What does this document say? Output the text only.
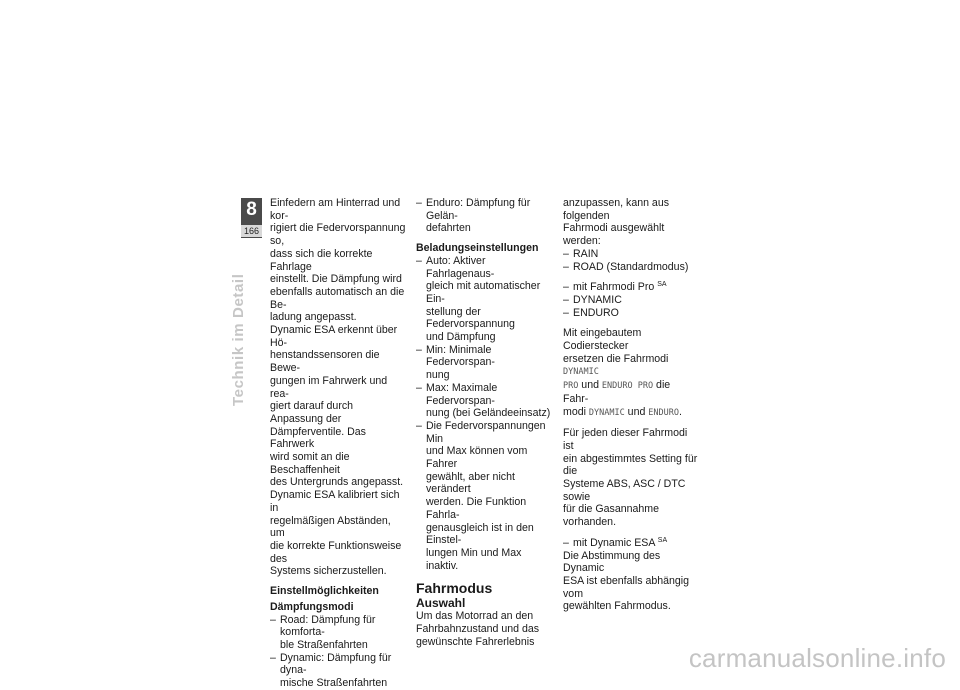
8
166
Technik im Detail

Einfedern am Hinterrad und kor-
rigiert die Federvorspannung so,
dass sich die korrekte Fahrlage
einstellt. Die Dämpfung wird
ebenfalls automatisch an die Be-
ladung angepasst.

Dynamic ESA erkennt über Hö-
henstandssensoren die Bewe-
gungen im Fahrwerk und rea-
giert darauf durch Anpassung der
Dämpferventile. Das Fahrwerk
wird somit an die Beschaffenheit
des Untergrunds angepasst.

Dynamic ESA kalibriert sich in
regelmäßigen Abständen, um
die korrekte Funktionsweise des
Systems sicherzustellen.

Einstellmöglichkeiten

Dämpfungsmodi

– Road: Dämpfung für komforta-
ble Straßenfahrten

– Dynamic: Dämpfung für dyna-
mische Straßenfahrten

– Enduro: Dämpfung für Gelän-
defahrten

Beladungseinstellungen

– Auto: Aktiver Fahrlagenaus-
gleich mit automatischer Ein-
stellung der Federvorspannung
und Dämpfung

– Min: Minimale Federvorspan-
nung

– Max: Maximale Federvorspan-
nung (bei Geländeeinsatz)

– Die Federvorspannungen Min
und Max können vom Fahrer
gewählt, aber nicht verändert
werden. Die Funktion Fahrla-
genausgleich ist in den Einstel-
lungen Min und Max inaktiv.

Fahrmodus

Auswahl

Um das Motorrad an den
Fahrbahnzustand und das
gewünschte Fahrerlebnis

anzupassen, kann aus folgenden
Fahrmodi ausgewählt werden:

– RAIN

– ROAD (Standardmodus)

– mit Fahrmodi Pro $^{SA}$

– DYNAMIC

– ENDURO

Mit eingebautem Codierstecker
ersetzen die Fahrmodi DYNAMIC
PRO und ENDURO PRO die Fahr-
modi DYNAMIC und ENDURO.

Für jeden dieser Fahrmodi ist
ein abgestimmtes Setting für die
Systeme ABS, ASC / DTC sowie
für die Gasannahme vorhanden.

– mit Dynamic ESA $^{SA}$

Die Abstimmung des Dynamic
ESA ist ebenfalls abhängig vom
gewählten Fahrmodus.

carmanualsonline.info
